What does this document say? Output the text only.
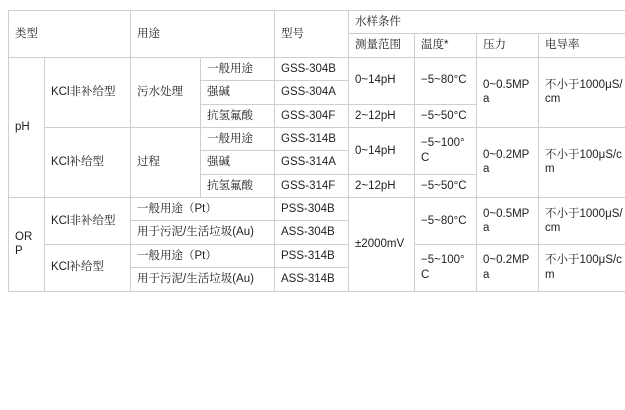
类型		用途		型号	水样条件			
					测量范围	温度*	压力	电导率
pH	KCl非补给型	污水处理	一般用途	GSS-304B	0~14pH	−5~80°C	0~0.5MPa	不小于1000μS/cm
			强碱	GSS-304A				
			抗氢氟酸	GSS-304F	2~12pH	−5~50°C		
	KCl补给型	过程	一般用途	GSS-314B	0~14pH	−5~100°C	0~0.2MPa	不小于100μS/cm
			强碱	GSS-314A				
			抗氢氟酸	GSS-314F	2~12pH	−5~50°C		
ORP	KCl非补给型	一般用途（Pt）		PSS-304B	±2000mV	−5~80°C	0~0.5MPa	不小于1000μS/cm
		用于污泥/生活垃圾(Au)		ASS-304B				
	KCl补给型	一般用途（Pt）		PSS-314B		−5~100°C	0~0.2MPa	不小于100μS/cm
		用于污泥/生活垃圾(Au)		ASS-314B				
